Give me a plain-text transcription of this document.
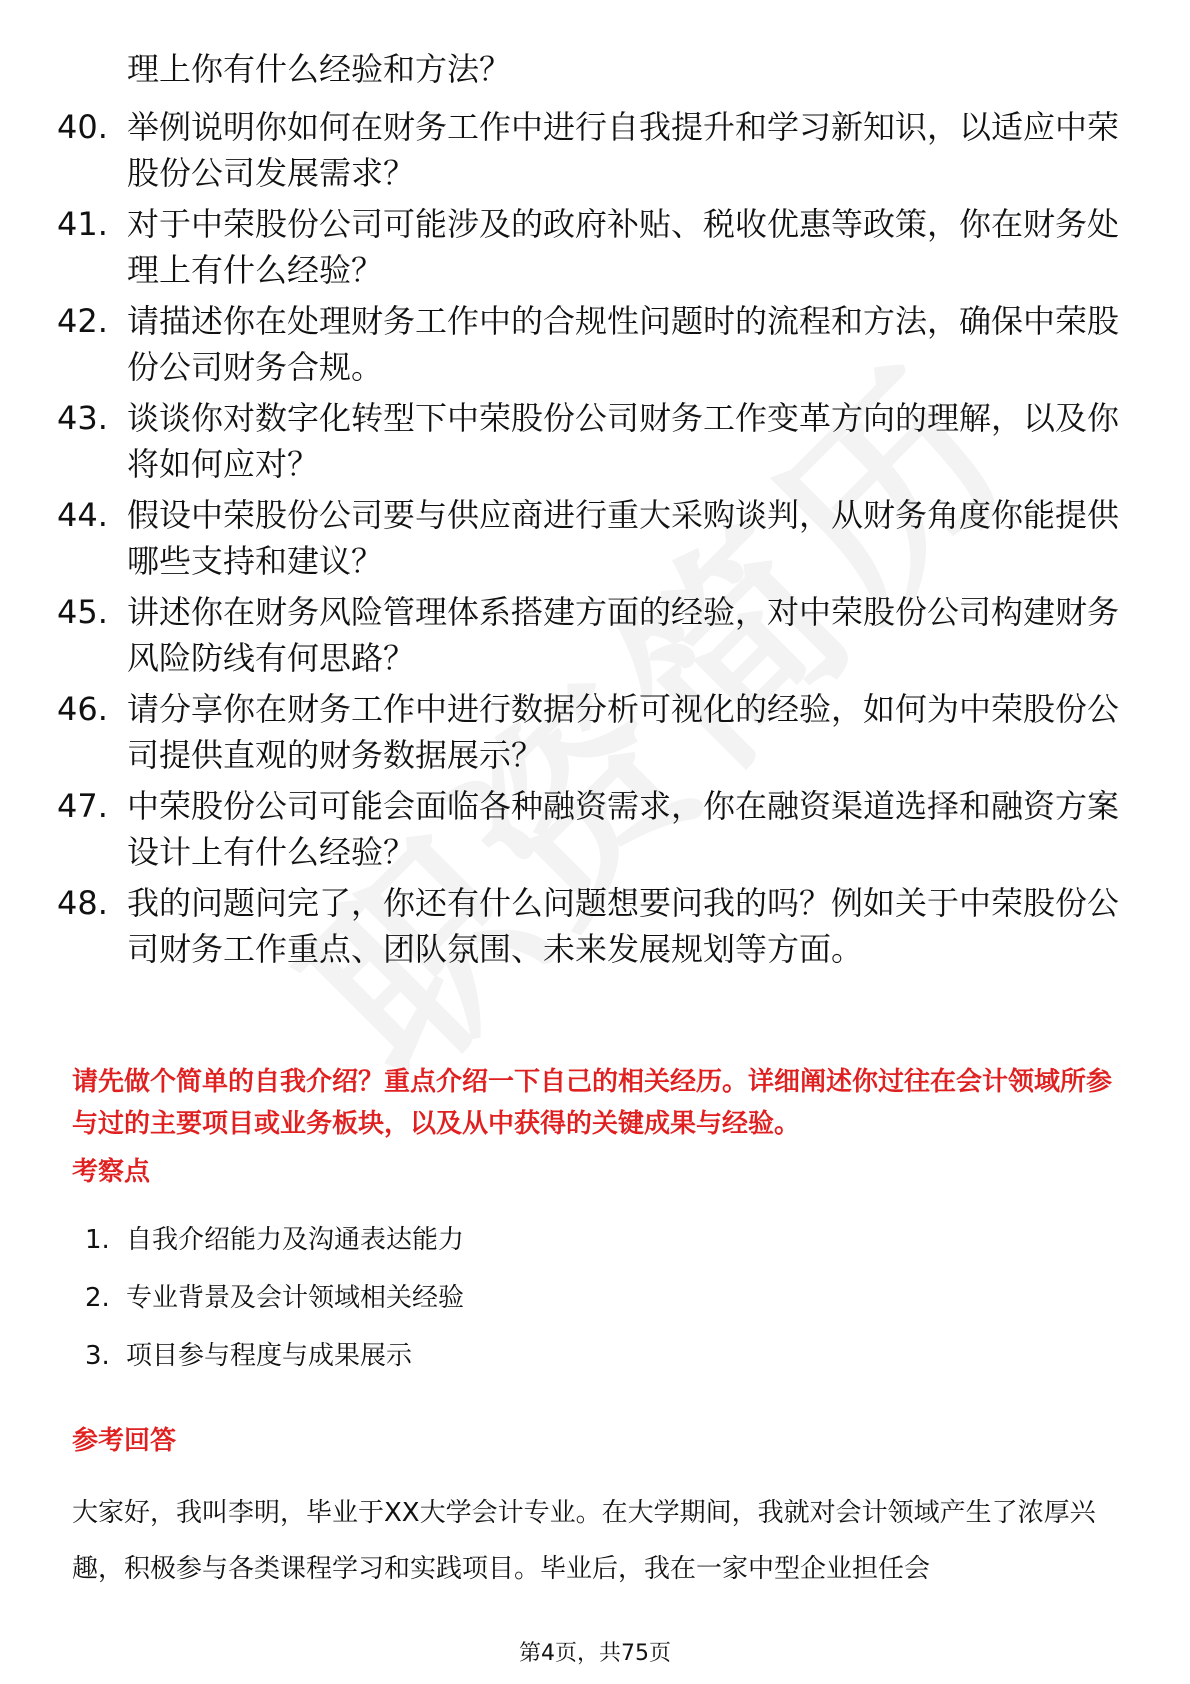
理上你有什么经验和方法？
40. 举例说明你如何在财务工作中进行自我提升和学习新知识，以适应中荣股份公司发展需求？
41. 对于中荣股份公司可能涉及的政府补贴、税收优惠等政策，你在财务处理上有什么经验？
42. 请描述你在处理财务工作中的合规性问题时的流程和方法，确保中荣股份公司财务合规。
43. 谈谈你对数字化转型下中荣股份公司财务工作变革方向的理解，以及你将如何应对？
44. 假设中荣股份公司要与供应商进行重大采购谈判，从财务角度你能提供哪些支持和建议？
45. 讲述你在财务风险管理体系搭建方面的经验，对中荣股份公司构建财务风险防线有何思路？
46. 请分享你在财务工作中进行数据分析可视化的经验，如何为中荣股份公司提供直观的财务数据展示？
47. 中荣股份公司可能会面临各种融资需求，你在融资渠道选择和融资方案设计上有什么经验？
48. 我的问题问完了，你还有什么问题想要问我的吗？例如关于中荣股份公司财务工作重点、团队氛围、未来发展规划等方面。
请先做个简单的自我介绍？重点介绍一下自己的相关经历。详细阐述你过往在会计领域所参与过的主要项目或业务板块，以及从中获得的关键成果与经验。
考察点
1. 自我介绍能力及沟通表达能力
2. 专业背景及会计领域相关经验
3. 项目参与程度与成果展示
参考回答
大家好，我叫李明，毕业于XX大学会计专业。在大学期间，我就对会计领域产生了浓厚兴趣，积极参与各类课程学习和实践项目。毕业后，我在一家中型企业担任会
第4页，共75页
